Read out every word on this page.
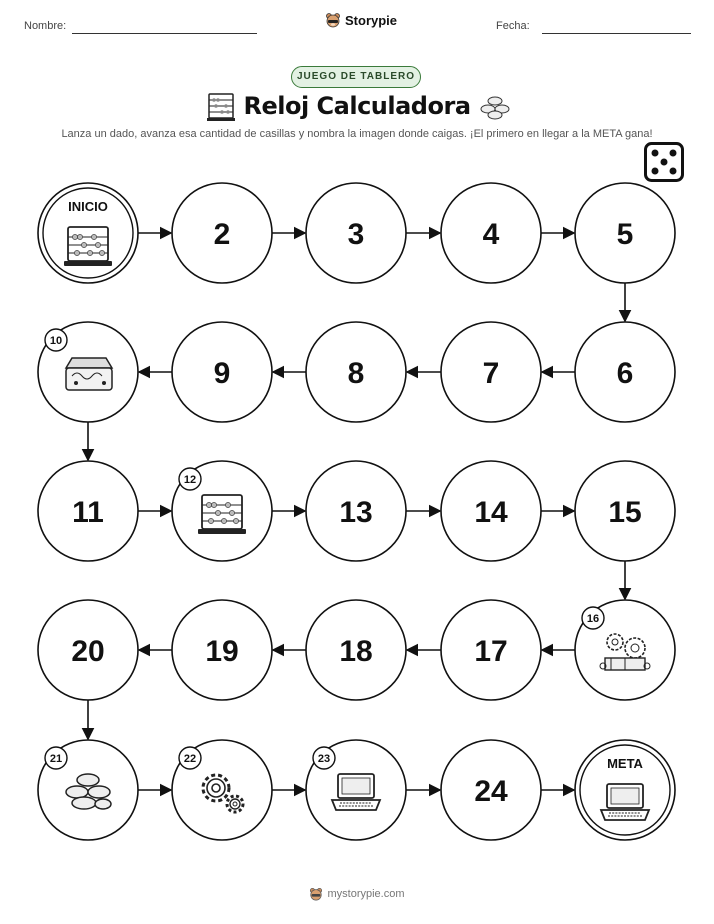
Nombre:	Storypie	Fecha:
JUEGO DE TABLERO
Reloj Calculadora
Lanza un dado, avanza esa cantidad de casillas y nombra la imagen donde caigas. ¡El primero en llegar a la META gana!
INICIO
2	3	4	5
6
7
8
9
10
11
12
13	14	15
16
17
18
19
20
21	22	23
24
META
mystorypie.com
